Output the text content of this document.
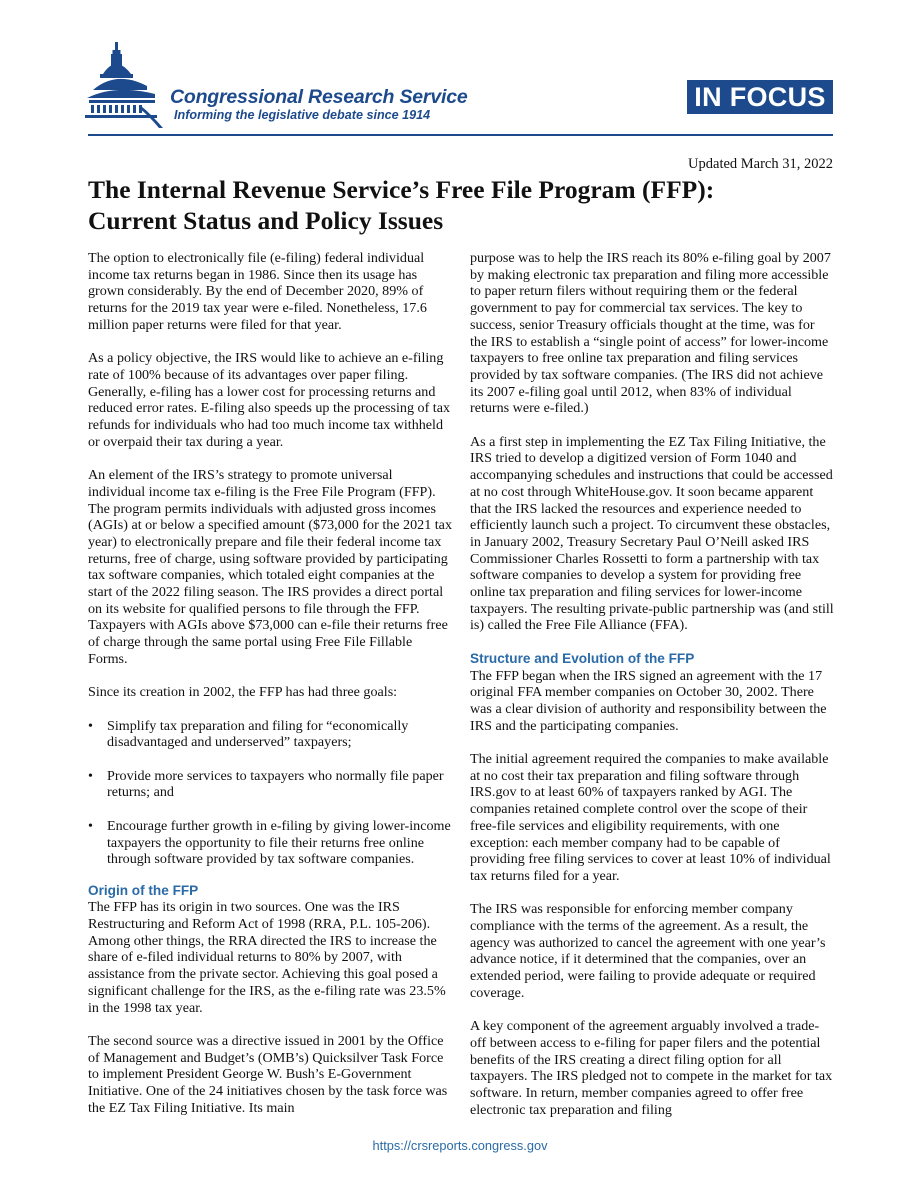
Congressional Research Service
Informing the legislative debate since 1914
IN FOCUS
Updated March 31, 2022
The Internal Revenue Service’s Free File Program (FFP):
Current Status and Policy Issues

The option to electronically file (e-filing) federal individual income tax returns began in 1986. Since then its usage has grown considerably. By the end of December 2020, 89% of returns for the 2019 tax year were e-filed. Nonetheless, 17.6 million paper returns were filed for that year.

As a policy objective, the IRS would like to achieve an e-filing rate of 100% because of its advantages over paper filing. Generally, e-filing has a lower cost for processing returns and reduced error rates. E-filing also speeds up the processing of tax refunds for individuals who had too much income tax withheld or overpaid their tax during a year.

An element of the IRS’s strategy to promote universal individual income tax e-filing is the Free File Program (FFP). The program permits individuals with adjusted gross incomes (AGIs) at or below a specified amount ($73,000 for the 2021 tax year) to electronically prepare and file their federal income tax returns, free of charge, using software provided by participating tax software companies, which totaled eight companies at the start of the 2022 filing season. The IRS provides a direct portal on its website for qualified persons to file through the FFP. Taxpayers with AGIs above $73,000 can e-file their returns free of charge through the same portal using Free File Fillable Forms.

Since its creation in 2002, the FFP has had three goals:

• Simplify tax preparation and filing for “economically disadvantaged and underserved” taxpayers;
• Provide more services to taxpayers who normally file paper returns; and
• Encourage further growth in e-filing by giving lower-income taxpayers the opportunity to file their returns free online through software provided by tax software companies.
Origin of the FFP

The FFP has its origin in two sources. One was the IRS Restructuring and Reform Act of 1998 (RRA, P.L. 105-206). Among other things, the RRA directed the IRS to increase the share of e-filed individual returns to 80% by 2007, with assistance from the private sector. Achieving this goal posed a significant challenge for the IRS, as the e-filing rate was 23.5% in the 1998 tax year.

The second source was a directive issued in 2001 by the Office of Management and Budget’s (OMB’s) Quicksilver Task Force to implement President George W. Bush’s E-Government Initiative. One of the 24 initiatives chosen by the task force was the EZ Tax Filing Initiative. Its main

purpose was to help the IRS reach its 80% e-filing goal by 2007 by making electronic tax preparation and filing more accessible to paper return filers without requiring them or the federal government to pay for commercial tax services. The key to success, senior Treasury officials thought at the time, was for the IRS to establish a “single point of access” for lower-income taxpayers to free online tax preparation and filing services provided by tax software companies. (The IRS did not achieve its 2007 e-filing goal until 2012, when 83% of individual returns were e-filed.)

As a first step in implementing the EZ Tax Filing Initiative, the IRS tried to develop a digitized version of Form 1040 and accompanying schedules and instructions that could be accessed at no cost through WhiteHouse.gov. It soon became apparent that the IRS lacked the resources and experience needed to efficiently launch such a project. To circumvent these obstacles, in January 2002, Treasury Secretary Paul O’Neill asked IRS Commissioner Charles Rossetti to form a partnership with tax software companies to develop a system for providing free online tax preparation and filing services for lower-income taxpayers. The resulting private-public partnership was (and still is) called the Free File Alliance (FFA).

Structure and Evolution of the FFP

The FFP began when the IRS signed an agreement with the 17 original FFA member companies on October 30, 2002. There was a clear division of authority and responsibility between the IRS and the participating companies.

The initial agreement required the companies to make available at no cost their tax preparation and filing software through IRS.gov to at least 60% of taxpayers ranked by AGI. The companies retained complete control over the scope of their free-file services and eligibility requirements, with one exception: each member company had to be capable of providing free filing services to cover at least 10% of individual tax returns filed for a year.

The IRS was responsible for enforcing member company compliance with the terms of the agreement. As a result, the agency was authorized to cancel the agreement with one year’s advance notice, if it determined that the companies, over an extended period, were failing to provide adequate or required coverage.

A key component of the agreement arguably involved a trade-off between access to e-filing for paper filers and the potential benefits of the IRS creating a direct filing option for all taxpayers. The IRS pledged not to compete in the market for tax software. In return, member companies agreed to offer free electronic tax preparation and filing

https://crsreports.congress.gov
